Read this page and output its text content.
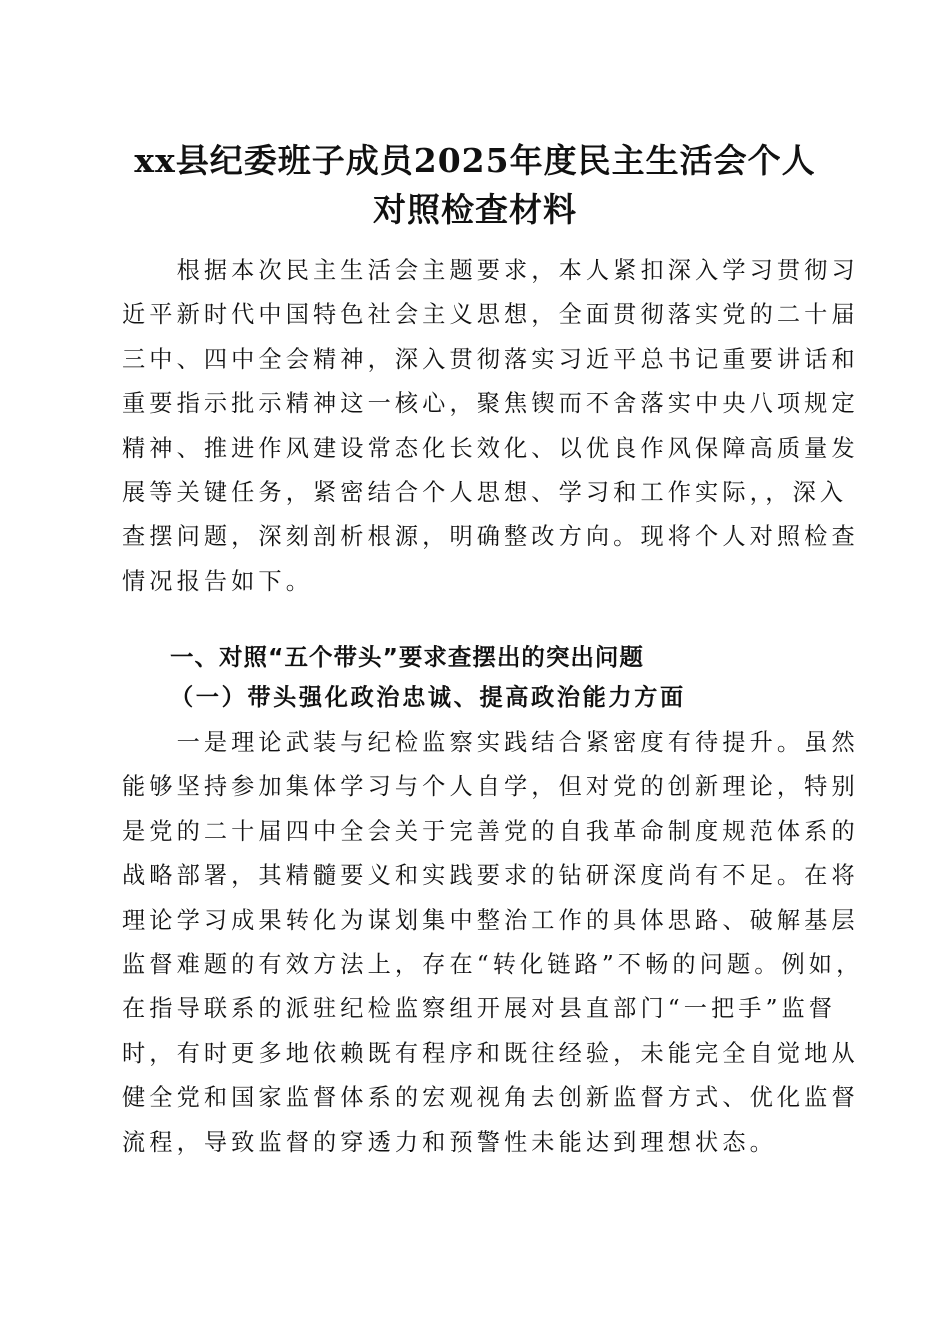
xx县纪委班子成员2025年度民主生活会个人
对照检查材料
　　根据本次民主生活会主题要求，本人紧扣深入学习贯彻习
近平新时代中国特色社会主义思想，全面贯彻落实党的二十届
三中、四中全会精神，深入贯彻落实习近平总书记重要讲话和
重要指示批示精神这一核心，聚焦锲而不舍落实中央八项规定
精神、推进作风建设常态化长效化、以优良作风保障高质量发
展等关键任务，紧密结合个人思想、学习和工作实际，，深入
查摆问题，深刻剖析根源，明确整改方向。现将个人对照检查
情况报告如下。
一、对照“五个带头”要求查摆出的突出问题
（一）带头强化政治忠诚、提高政治能力方面
　　一是理论武装与纪检监察实践结合紧密度有待提升。虽然
能够坚持参加集体学习与个人自学，但对党的创新理论，特别
是党的二十届四中全会关于完善党的自我革命制度规范体系的
战略部署，其精髓要义和实践要求的钻研深度尚有不足。在将
理论学习成果转化为谋划集中整治工作的具体思路、破解基层
监督难题的有效方法上，存在“转化链路”不畅的问题。例如，
在指导联系的派驻纪检监察组开展对县直部门“一把手”监督
时，有时更多地依赖既有程序和既往经验，未能完全自觉地从
健全党和国家监督体系的宏观视角去创新监督方式、优化监督
流程，导致监督的穿透力和预警性未能达到理想状态。
